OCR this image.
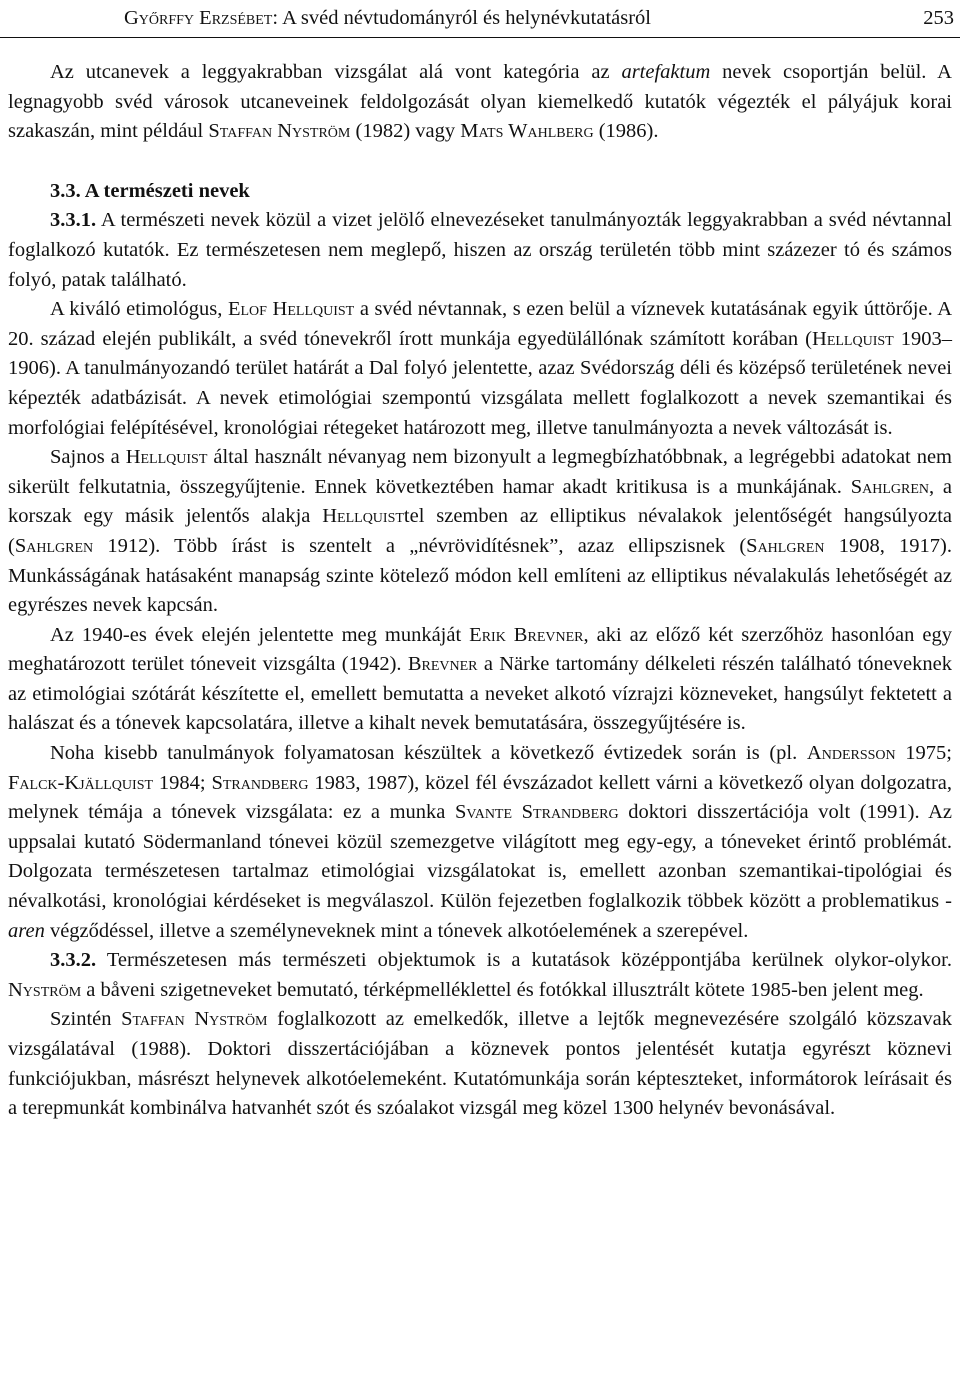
Győrffy Erzsébet: A svéd névtudományról és helynévkutatásról	253

Az utcanevek a leggyakrabban vizsgálat alá vont kategória az artefaktum nevek csoportján belül. A legnagyobb svéd városok utcaneveinek feldolgozását olyan kiemelkedő kutatók végezték el pályájuk korai szakaszán, mint például Staffan Nyström (1982) vagy Mats Wahlberg (1986).

3.3. A természeti nevek

3.3.1. A természeti nevek közül a vizet jelölő elnevezéseket tanulmányozták leggyakrabban a svéd névtannal foglalkozó kutatók. Ez természetesen nem meglepő, hiszen az ország területén több mint százezer tó és számos folyó, patak található.

A kiváló etimológus, Elof Hellquist a svéd névtannak, s ezen belül a víznevek kutatásának egyik úttörője. A 20. század elején publikált, a svéd tónevekről írott munkája egyedülállónak számított korában (Hellquist 1903–1906). A tanulmányozandó terület határát a Dal folyó jelentette, azaz Svédország déli és középső területének nevei képezték adatbázisát. A nevek etimológiai szempontú vizsgálata mellett foglalkozott a nevek szemantikai és morfológiai felépítésével, kronológiai rétegeket határozott meg, illetve tanulmányozta a nevek változását is.

Sajnos a Hellquist által használt névanyag nem bizonyult a legmegbízhatóbbnak, a legrégebbi adatokat nem sikerült felkutatnia, összegyűjtenie. Ennek következtében hamar akadt kritikusa is a munkájának. Sahlgren, a korszak egy másik jelentős alakja Hellquisttel szemben az elliptikus névalakok jelentőségét hangsúlyozta (Sahlgren 1912). Több írást is szentelt a „névrövidítésnek”, azaz ellipszisnek (Sahlgren 1908, 1917). Munkásságának hatásaként manapság szinte kötelező módon kell említeni az elliptikus névalakulás lehetőségét az egyrészes nevek kapcsán.

Az 1940-es évek elején jelentette meg munkáját Erik Brevner, aki az előző két szerzőhöz hasonlóan egy meghatározott terület tóneveit vizsgálta (1942). Brevner a Närke tartomány délkeleti részén található tóneveknek az etimológiai szótárát készítette el, emellett bemutatta a neveket alkotó vízrajzi közneveket, hangsúlyt fektetett a halászat és a tónevek kapcsolatára, illetve a kihalt nevek bemutatására, összegyűjtésére is.

Noha kisebb tanulmányok folyamatosan készültek a következő évtizedek során is (pl. Andersson 1975; Falck-Kjällquist 1984; Strandberg 1983, 1987), közel fél évszázadot kellett várni a következő olyan dolgozatra, melynek témája a tónevek vizsgálata: ez a munka Svante Strandberg doktori disszertációja volt (1991). Az uppsalai kutató Södermanland tónevei közül szemezgetve világított meg egy-egy, a tóneveket érintő problémát. Dolgozata természetesen tartalmaz etimológiai vizsgálatokat is, emellett azonban szemantikai-tipológiai és névalkotási, kronológiai kérdéseket is megválaszol. Külön fejezetben foglalkozik többek között a problematikus -aren végződéssel, illetve a személyneveknek mint a tónevek alkotóelemének a szerepével.

3.3.2. Természetesen más természeti objektumok is a kutatások középpontjába kerülnek olykor-olykor. Nyström a båveni szigetneveket bemutató, térképmelléklettel és fotókkal illusztrált kötete 1985-ben jelent meg.

Szintén Staffan Nyström foglalkozott az emelkedők, illetve a lejtők megnevezésére szolgáló közszavak vizsgálatával (1988). Doktori disszertációjában a köznevek pontos jelentését kutatja egyrészt köznevi funkciójukban, másrészt helynevek alkotóelemeként. Kutatómunkája során képteszteket, informátorok leírásait és a terepmunkát kombinálva hatvanhét szót és szóalakot vizsgál meg közel 1300 helynév bevonásával.
